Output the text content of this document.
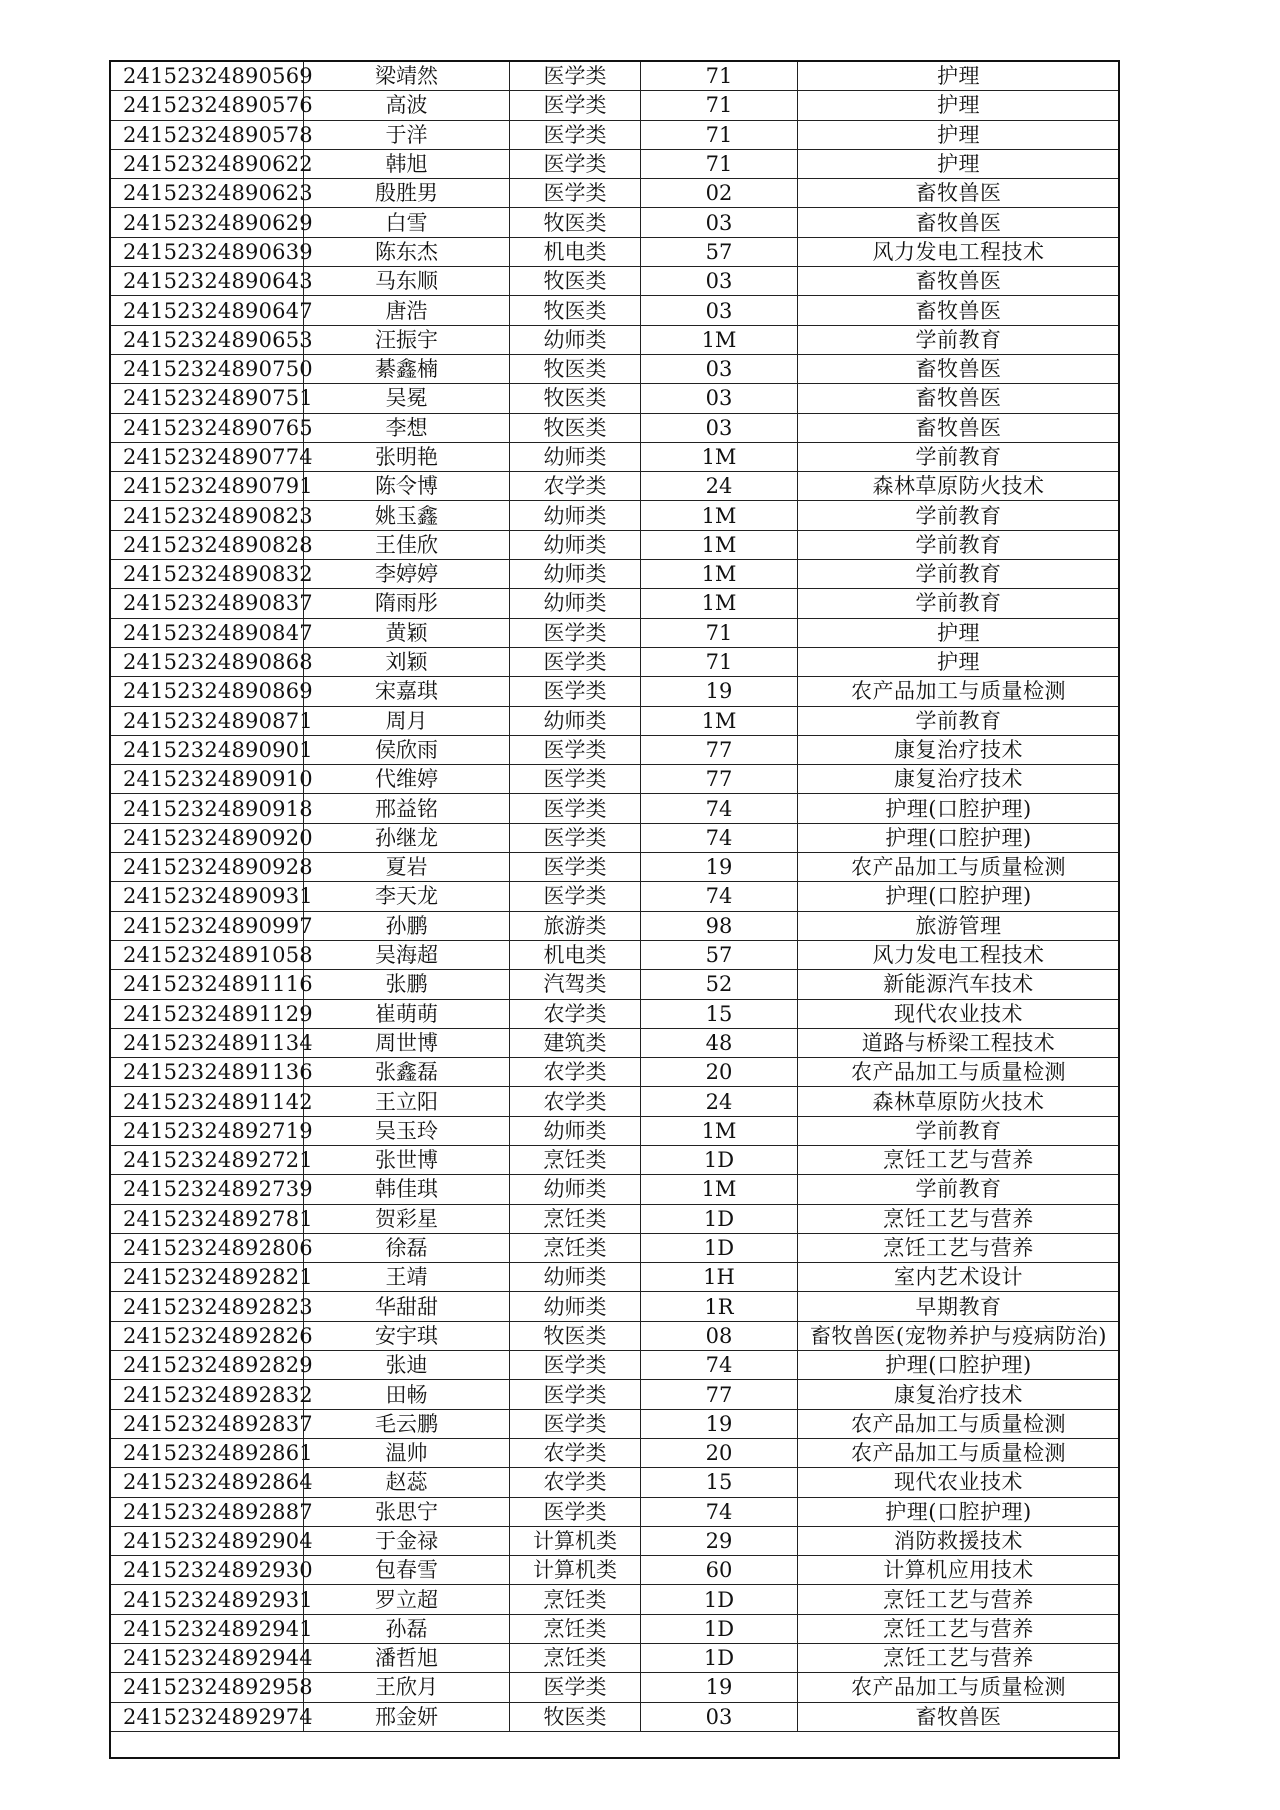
24152324890569	梁靖然	医学类	71	护理
24152324890576	高波	医学类	71	护理
24152324890578	于洋	医学类	71	护理
24152324890622	韩旭	医学类	71	护理
24152324890623	殷胜男	医学类	02	畜牧兽医
24152324890629	白雪	牧医类	03	畜牧兽医
24152324890639	陈东杰	机电类	57	风力发电工程技术
24152324890643	马东顺	牧医类	03	畜牧兽医
24152324890647	唐浩	牧医类	03	畜牧兽医
24152324890653	汪振宇	幼师类	1M	学前教育
24152324890750	綦鑫楠	牧医类	03	畜牧兽医
24152324890751	吴冕	牧医类	03	畜牧兽医
24152324890765	李想	牧医类	03	畜牧兽医
24152324890774	张明艳	幼师类	1M	学前教育
24152324890791	陈令博	农学类	24	森林草原防火技术
24152324890823	姚玉鑫	幼师类	1M	学前教育
24152324890828	王佳欣	幼师类	1M	学前教育
24152324890832	李婷婷	幼师类	1M	学前教育
24152324890837	隋雨彤	幼师类	1M	学前教育
24152324890847	黄颖	医学类	71	护理
24152324890868	刘颖	医学类	71	护理
24152324890869	宋嘉琪	医学类	19	农产品加工与质量检测
24152324890871	周月	幼师类	1M	学前教育
24152324890901	侯欣雨	医学类	77	康复治疗技术
24152324890910	代维婷	医学类	77	康复治疗技术
24152324890918	邢益铭	医学类	74	护理(口腔护理)
24152324890920	孙继龙	医学类	74	护理(口腔护理)
24152324890928	夏岩	医学类	19	农产品加工与质量检测
24152324890931	李天龙	医学类	74	护理(口腔护理)
24152324890997	孙鹏	旅游类	98	旅游管理
24152324891058	吴海超	机电类	57	风力发电工程技术
24152324891116	张鹏	汽驾类	52	新能源汽车技术
24152324891129	崔萌萌	农学类	15	现代农业技术
24152324891134	周世博	建筑类	48	道路与桥梁工程技术
24152324891136	张鑫磊	农学类	20	农产品加工与质量检测
24152324891142	王立阳	农学类	24	森林草原防火技术
24152324892719	吴玉玲	幼师类	1M	学前教育
24152324892721	张世博	烹饪类	1D	烹饪工艺与营养
24152324892739	韩佳琪	幼师类	1M	学前教育
24152324892781	贺彩星	烹饪类	1D	烹饪工艺与营养
24152324892806	徐磊	烹饪类	1D	烹饪工艺与营养
24152324892821	王靖	幼师类	1H	室内艺术设计
24152324892823	华甜甜	幼师类	1R	早期教育
24152324892826	安宇琪	牧医类	08	畜牧兽医(宠物养护与疫病防治)
24152324892829	张迪	医学类	74	护理(口腔护理)
24152324892832	田畅	医学类	77	康复治疗技术
24152324892837	毛云鹏	医学类	19	农产品加工与质量检测
24152324892861	温帅	农学类	20	农产品加工与质量检测
24152324892864	赵蕊	农学类	15	现代农业技术
24152324892887	张思宁	医学类	74	护理(口腔护理)
24152324892904	于金禄	计算机类	29	消防救援技术
24152324892930	包春雪	计算机类	60	计算机应用技术
24152324892931	罗立超	烹饪类	1D	烹饪工艺与营养
24152324892941	孙磊	烹饪类	1D	烹饪工艺与营养
24152324892944	潘哲旭	烹饪类	1D	烹饪工艺与营养
24152324892958	王欣月	医学类	19	农产品加工与质量检测
24152324892974	邢金妍	牧医类	03	畜牧兽医
